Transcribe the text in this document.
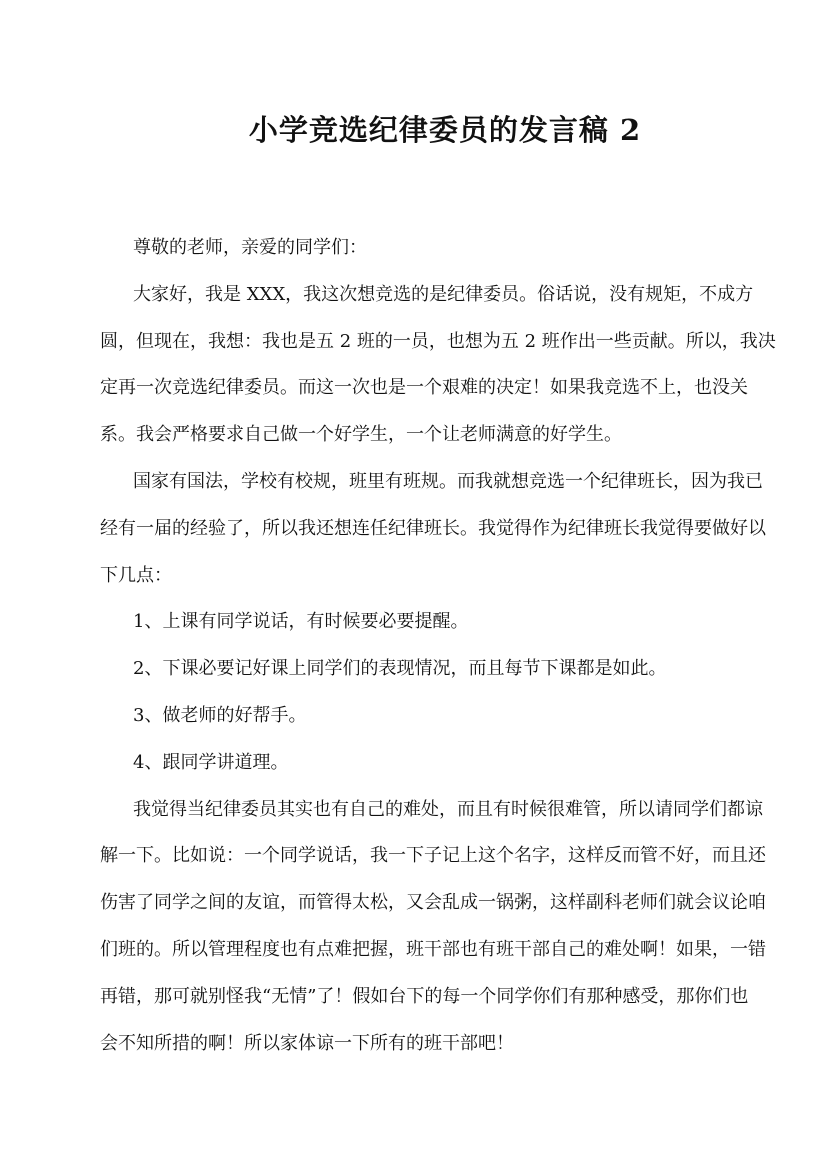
小学竞选纪律委员的发言稿 2
尊敬的老师，亲爱的同学们：
大家好，我是 XXX，我这次想竞选的是纪律委员。俗话说，没有规矩，不成方
圆，但现在，我想：我也是五 2 班的一员，也想为五 2 班作出一些贡献。所以，我决
定再一次竞选纪律委员。而这一次也是一个艰难的决定！如果我竞选不上，也没关
系。我会严格要求自己做一个好学生，一个让老师满意的好学生。
国家有国法，学校有校规，班里有班规。而我就想竞选一个纪律班长，因为我已
经有一届的经验了，所以我还想连任纪律班长。我觉得作为纪律班长我觉得要做好以
下几点：
1、上课有同学说话，有时候要必要提醒。
2、下课必要记好课上同学们的表现情况，而且每节下课都是如此。
3、做老师的好帮手。
4、跟同学讲道理。
我觉得当纪律委员其实也有自己的难处，而且有时候很难管，所以请同学们都谅
解一下。比如说：一个同学说话，我一下子记上这个名字，这样反而管不好，而且还
伤害了同学之间的友谊，而管得太松，又会乱成一锅粥，这样副科老师们就会议论咱
们班的。所以管理程度也有点难把握，班干部也有班干部自己的难处啊！如果，一错
再错，那可就别怪我“无情”了！假如台下的每一个同学你们有那种感受，那你们也
会不知所措的啊！所以家体谅一下所有的班干部吧！
